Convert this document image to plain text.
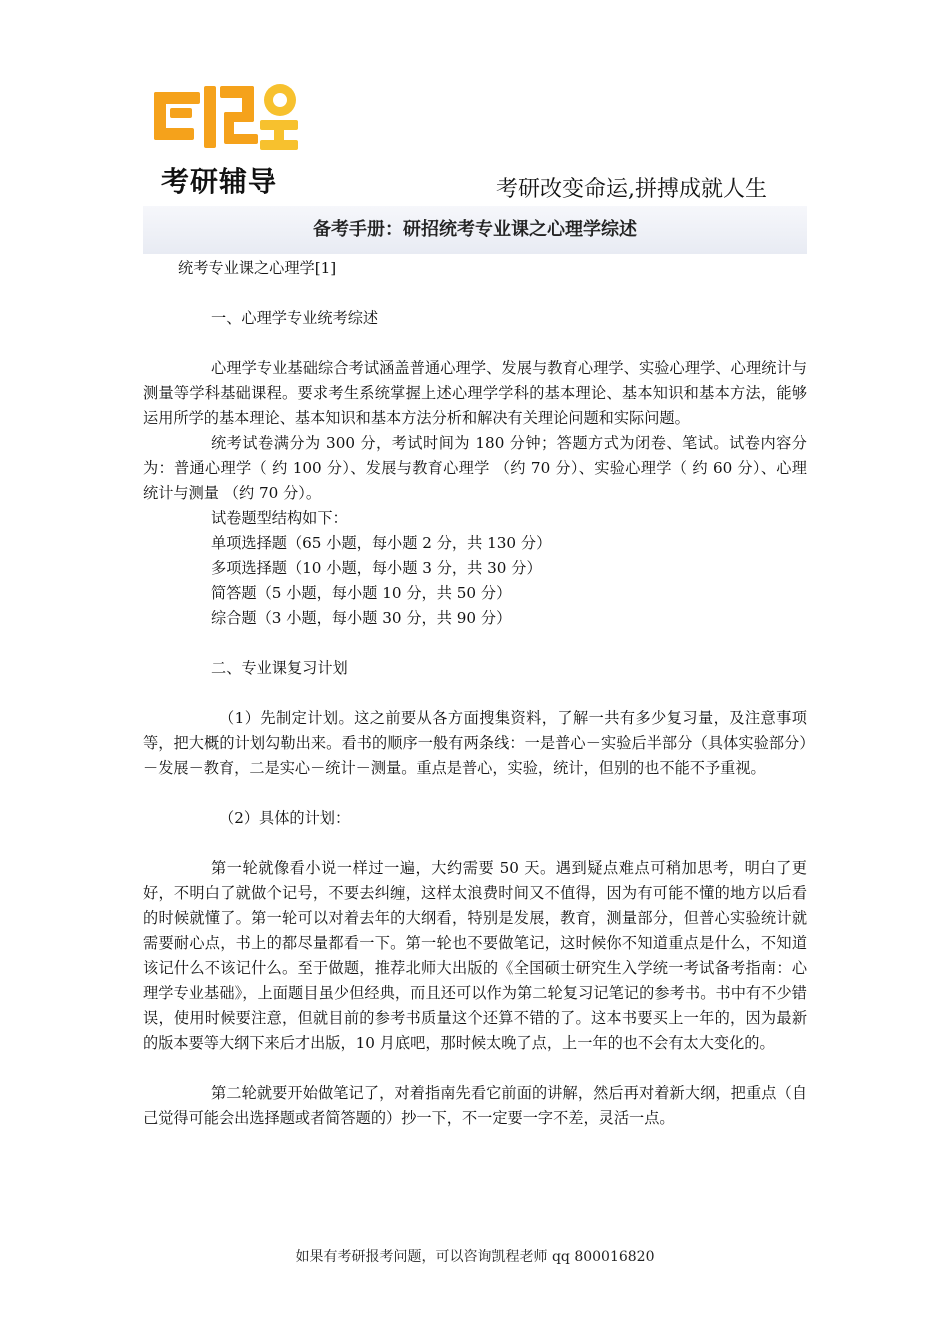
考研辅导	考研改变命运,拼搏成就人生
备考手册：研招统考专业课之心理学综述

统考专业课之心理学[1]

一、心理学专业统考综述

心理学专业基础综合考试涵盖普通心理学、发展与教育心理学、实验心理学、心理统计与测量等学科基础课程。要求考生系统掌握上述心理学学科的基本理论、基本知识和基本方法，能够运用所学的基本理论、基本知识和基本方法分析和解决有关理论问题和实际问题。

统考试卷满分为 300 分，考试时间为 180 分钟；答题方式为闭卷、笔试。试卷内容分为：普通心理学（ 约 100 分）、发展与教育心理学 （约 70 分）、实验心理学（ 约 60 分）、心理统计与测量 （约 70 分）。

试卷题型结构如下：

单项选择题（65 小题，每小题 2 分，共 130 分）

多项选择题（10 小题，每小题 3 分，共 30 分）

简答题（5 小题，每小题 10 分，共 50 分）

综合题（3 小题，每小题 30 分，共 90 分）

二、专业课复习计划

（1）先制定计划。这之前要从各方面搜集资料，了解一共有多少复习量，及注意事项等，把大概的计划勾勒出来。看书的顺序一般有两条线：一是普心－实验后半部分（具体实验部分）－发展－教育，二是实心－统计－测量。重点是普心，实验，统计，但别的也不能不予重视。

（2）具体的计划：

第一轮就像看小说一样过一遍，大约需要 50 天。遇到疑点难点可稍加思考，明白了更好，不明白了就做个记号，不要去纠缠，这样太浪费时间又不值得，因为有可能不懂的地方以后看的时候就懂了。第一轮可以对着去年的大纲看，特别是发展，教育，测量部分，但普心实验统计就需要耐心点，书上的都尽量都看一下。第一轮也不要做笔记，这时候你不知道重点是什么，不知道该记什么不该记什么。至于做题，推荐北师大出版的《全国硕士研究生入学统一考试备考指南：心理学专业基础》，上面题目虽少但经典，而且还可以作为第二轮复习记笔记的参考书。书中有不少错误，使用时候要注意，但就目前的参考书质量这个还算不错的了。这本书要买上一年的，因为最新的版本要等大纲下来后才出版，10 月底吧，那时候太晚了点，上一年的也不会有太大变化的。

第二轮就要开始做笔记了，对着指南先看它前面的讲解，然后再对着新大纲，把重点（自己觉得可能会出选择题或者简答题的）抄一下，不一定要一字不差，灵活一点。

如果有考研报考问题，可以咨询凯程老师 qq 800016820
